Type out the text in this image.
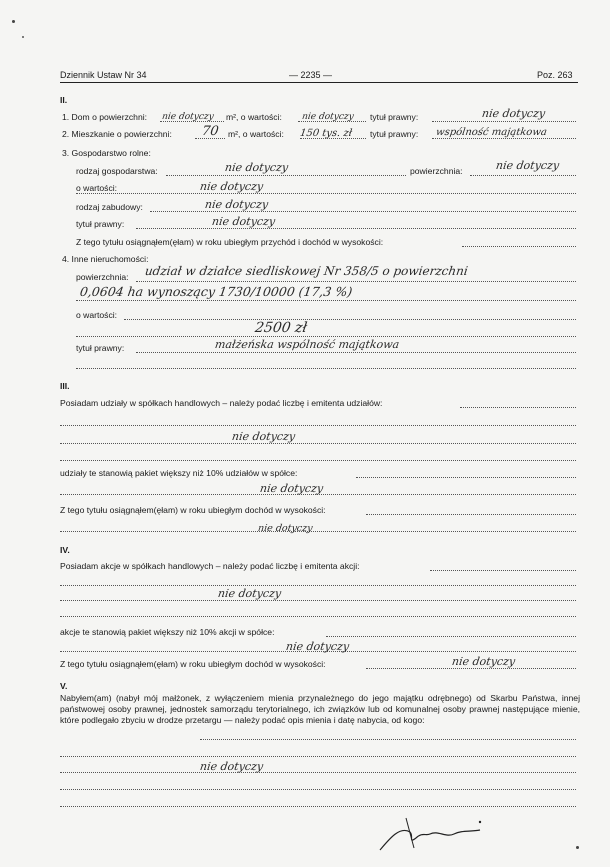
Dziennik Ustaw Nr 34	— 2235 —	Poz. 263
II.
1. Dom o powierzchni: nie dotyczy m², o wartości: nie dotyczy tytuł prawny:	nie dotyczy
2. Mieszkanie o powierzchni: 70 m², o wartości: 150 tys. zł tytuł prawny: wspólność majątkowa
3. Gospodarstwo rolne:
rodzaj gospodarstwa:	nie dotyczy	powierzchnia:	nie dotyczy
o wartości:	nie dotyczy
rodzaj zabudowy:	nie dotyczy
tytuł prawny:	nie dotyczy
Z tego tytułu osiągnąłem(ęłam) w roku ubiegłym przychód i dochód w wysokości:
4. Inne nieruchomości:
powierzchnia: udział w działce siedliskowej Nr 358/5 o powierzchni
0,0604 ha wynoszący 1730/10000 (17,3 %)
o wartości:
2500 zł
tytuł prawny:	małżeńska wspólność majątkowa
III.
Posiadam udziały w spółkach handlowych – należy podać liczbę i emitenta udziałów:
nie dotyczy
udziały te stanowią pakiet większy niż 10% udziałów w spółce:
nie dotyczy
Z tego tytułu osiągnąłem(ęłam) w roku ubiegłym dochód w wysokości:
nie dotyczy
IV.
Posiadam akcje w spółkach handlowych – należy podać liczbę i emitenta akcji:
nie dotyczy
akcje te stanowią pakiet większy niż 10% akcji w spółce:
nie dotyczy
Z tego tytułu osiągnąłem(ęłam) w roku ubiegłym dochód w wysokości:	nie dotyczy
V.
Nabyłem(am) (nabył mój małżonek, z wyłączeniem mienia przynależnego do jego majątku odrębnego) od Skarbu Państwa, innej państwowej osoby prawnej, jednostek samorządu terytorialnego, ich związków lub od komunalnej osoby prawnej następujące mienie, które podlegało zbyciu w drodze przetargu — należy podać opis mienia i datę nabycia, od kogo:
nie dotyczy
